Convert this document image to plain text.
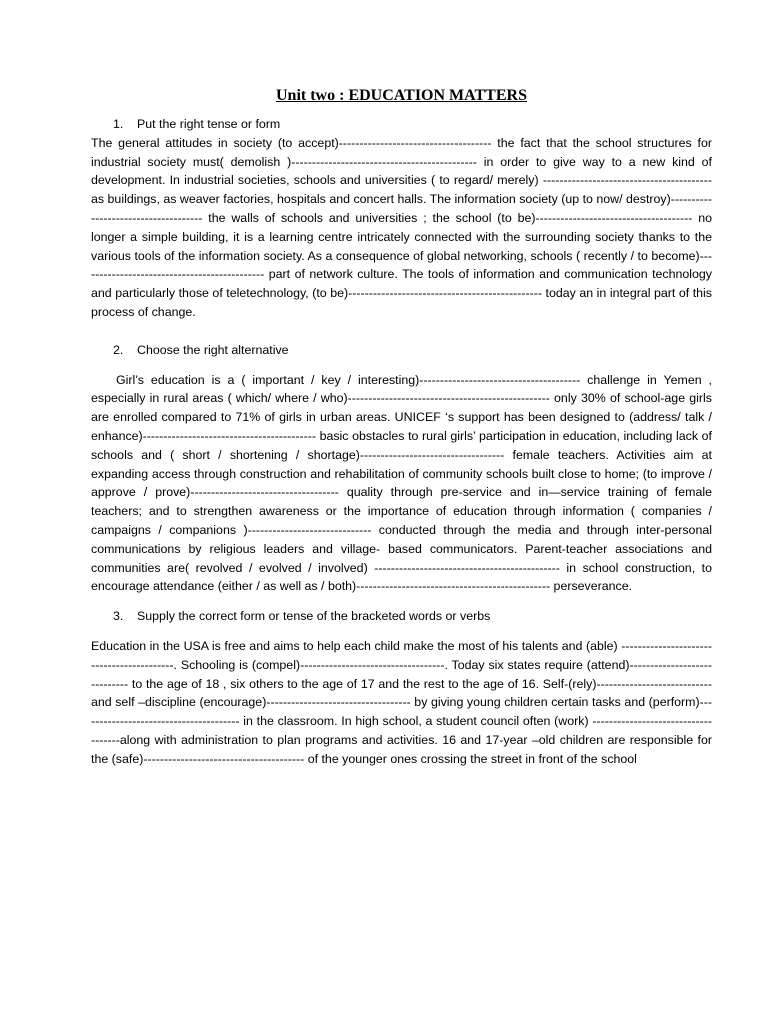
Unit two : EDUCATION MATTERS
1. Put the right tense or form

The general attitudes in society (to accept)------------------------------------- the fact that the school structures for industrial society must( demolish )--------------------------------------------- in order to give way to a new kind of development. In industrial societies, schools and universities ( to regard/ merely) ----------------------------------------- as buildings, as weaver factories, hospitals and concert halls. The information society (up to now/ destroy)------------------------------------- the walls of schools and universities ; the school (to be)-------------------------------------- no longer a simple building, it is a learning centre intricately connected with the surrounding society thanks to the various tools of the information society. As a consequence of global networking, schools ( recently / to become)--------------------------------------------- part of network culture. The tools of information and communication technology and particularly those of teletechnology, (to be)----------------------------------------------- today an in integral part of this process of change.

2. Choose the right alternative

Girl’s education is a ( important / key / interesting)--------------------------------------- challenge in Yemen , especially in rural areas ( which/ where / who)------------------------------------------------- only 30% of school-age girls are enrolled compared to 71% of girls in urban areas. UNICEF ‘s support has been designed to (address/ talk / enhance)------------------------------------------ basic obstacles to rural girls’ participation in education, including lack of schools and ( short / shortening / shortage)----------------------------------- female teachers. Activities aim at expanding access through construction and rehabilitation of community schools built close to home; (to improve / approve / prove)------------------------------------ quality through pre-service and in—service training of female teachers; and to strengthen awareness or the importance of education through information ( companies / campaigns / companions )------------------------------ conducted through the media and through inter-personal communications by religious leaders and village- based communicators. Parent-teacher associations and communities are( revolved / evolved / involved) --------------------------------------------- in school construction, to encourage attendance (either / as well as / both)----------------------------------------------- perseverance.

3. Supply the correct form or tense of the bracketed words or verbs

Education in the USA is free and aims to help each child make the most of his talents and (able) ------------------------------------------. Schooling is (compel)-----------------------------------. Today six states require (attend)----------------------------- to the age of 18 , six others to the age of 17 and the rest to the age of 16. Self-(rely)---------------------------- and self –discipline (encourage)----------------------------------- by giving young children certain tasks and (perform)--------------------------------------- in the classroom. In high school, a student council often (work) ------------------------------------along with administration to plan programs and activities. 16 and 17-year –old children are responsible for the (safe)--------------------------------------- of the younger ones crossing the street in front of the school
